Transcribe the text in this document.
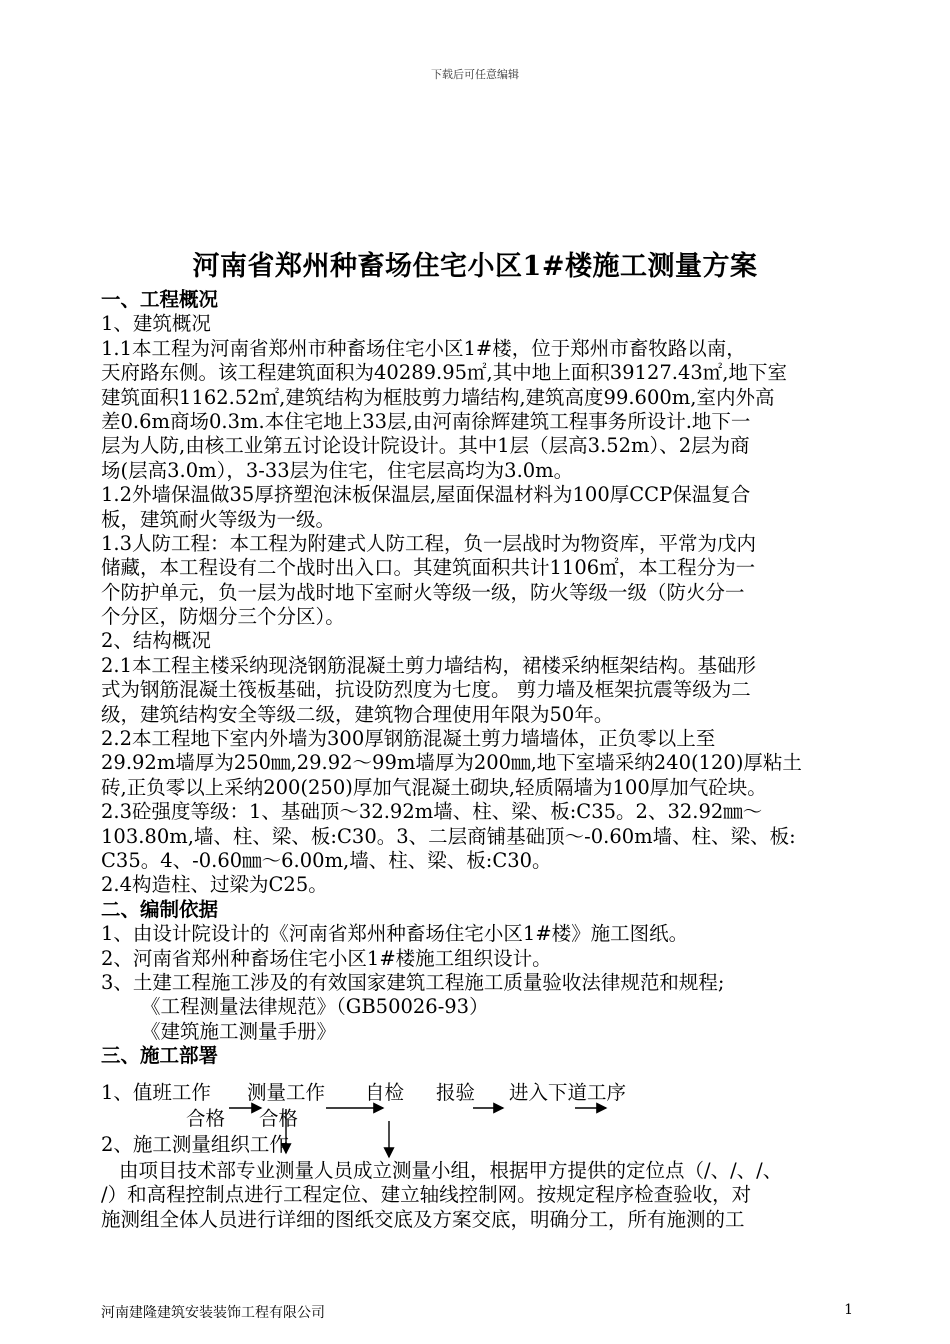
下载后可任意编辑
河南省郑州种畜场住宅小区1#楼施工测量方案
一、工程概况
1、建筑概况
1.1本工程为河南省郑州市种畜场住宅小区1#楼，位于郑州市畜牧路以南，
天府路东侧。该工程建筑面积为40289.95㎡,其中地上面积39127.43㎡,地下室
建筑面积1162.52㎡,建筑结构为框肢剪力墙结构,建筑高度99.600m,室内外高
差0.6m商场0.3m.本住宅地上33层,由河南徐辉建筑工程事务所设计.地下一
层为人防,由核工业第五讨论设计院设计。其中1层（层高3.52m）、2层为商
场(层高3.0m），3-33层为住宅，住宅层高均为3.0m。
1.2外墙保温做35厚挤塑泡沫板保温层,屋面保温材料为100厚CCP保温复合
板，建筑耐火等级为一级。
1.3人防工程：本工程为附建式人防工程，负一层战时为物资库，平常为戊内
储藏，本工程设有二个战时出入口。其建筑面积共计1106㎡，本工程分为一
个防护单元，负一层为战时地下室耐火等级一级，防火等级一级（防火分一
个分区，防烟分三个分区）。
2、结构概况
2.1本工程主楼采纳现浇钢筋混凝土剪力墙结构，裙楼采纳框架结构。基础形
式为钢筋混凝土筏板基础，抗设防烈度为七度。 剪力墙及框架抗震等级为二
级，建筑结构安全等级二级，建筑物合理使用年限为50年。
2.2本工程地下室内外墙为300厚钢筋混凝土剪力墙墙体，正负零以上至
29.92m墙厚为250㎜,29.92～99m墙厚为200㎜,地下室墙采纳240(120)厚粘土
砖,正负零以上采纳200(250)厚加气混凝土砌块,轻质隔墙为100厚加气砼块。
2.3砼强度等级：1、基础顶～32.92m墙、柱、梁、板:C35。2、32.92㎜～
103.80m,墙、柱、梁、板:C30。3、二层商铺基础顶～-0.60m墙、柱、梁、板:
C35。4、-0.60㎜～6.00m,墙、柱、梁、板:C30。
2.4构造柱、过梁为C25。
二、编制依据
1、由设计院设计的《河南省郑州种畜场住宅小区1#楼》施工图纸。
2、河南省郑州种畜场住宅小区1#楼施工组织设计。
3、土建工程施工涉及的有效国家建筑工程施工质量验收法律规范和规程;
《工程测量法律规范》（GB50026-93）
《建筑施工测量手册》
三、施工部署
1、值班工作 测量工作 自检 报验 进入下道工序
合格 合格
2、施工测量组织工作
由项目技术部专业测量人员成立测量小组，根据甲方提供的定位点（/、/、/、
/）和高程控制点进行工程定位、建立轴线控制网。按规定程序检查验收，对
施测组全体人员进行详细的图纸交底及方案交底，明确分工，所有施测的工
河南建隆建筑安装装饰工程有限公司	1
